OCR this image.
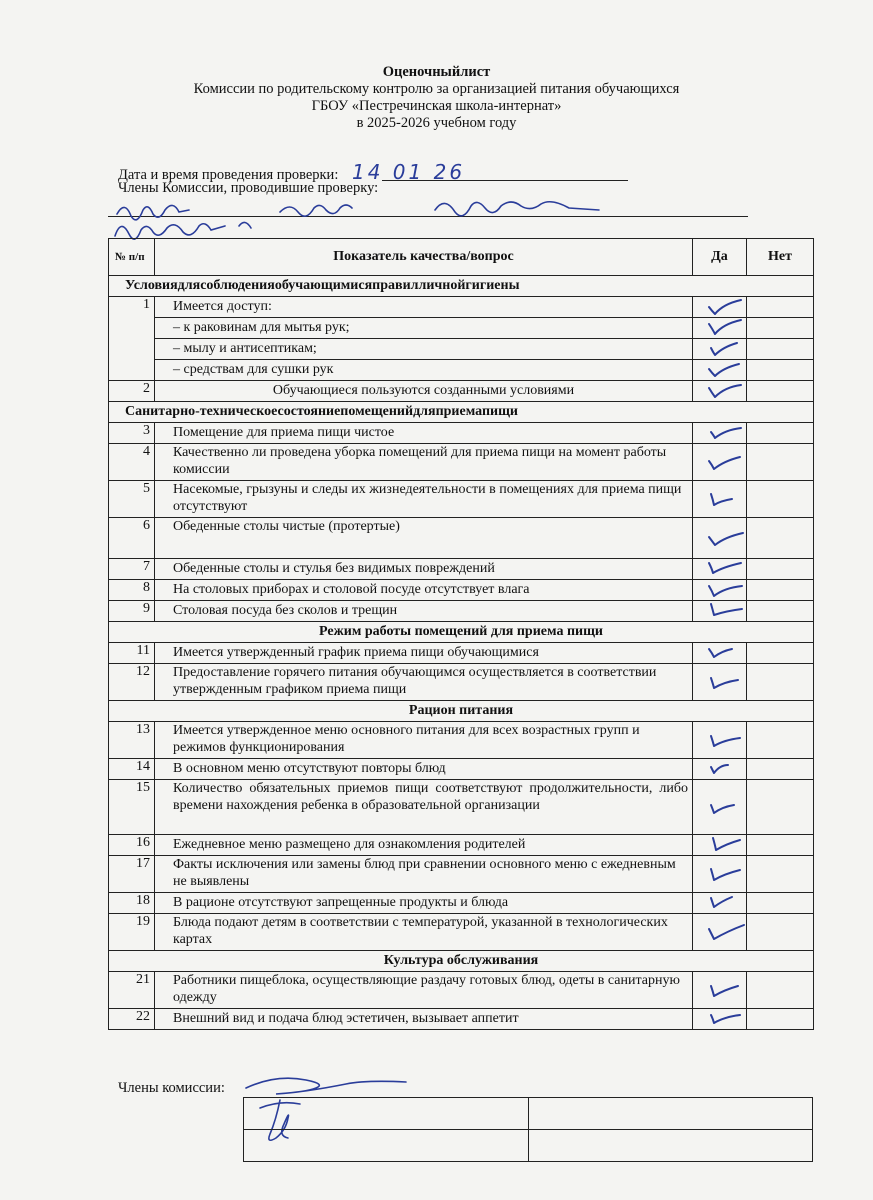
Оценочныйлист
Комиссии по родительскому контролю за организацией питания обучающихся
ГБОУ «Пестречинская школа-интернат»
в 2025-2026 учебном году
Дата и время проведения проверки: 14 01 26
Члены Комиссии, проводившие проверку:
№ п/п	Показатель качества/вопрос	Да	Нет
Условиядлясоблюденияобучающимисяправилличнойгигиены			
1	Имеется доступ:	

	– к раковинам для мытья рук;	

	– мылу и антисептикам;	

	– средствам для сушки рук	

2	Обучающиеся пользуются созданными условиями	

Санитарно-техническоесостояниепомещенийдляприемапищи			
3	Помещение для приема пищи чистое	

4	Качественно ли проведена уборка помещений для приема пищи на момент работы комиссии	

5	Насекомые, грызуны и следы их жизнедеятельности в помещениях для приема пищи отсутствуют	

6	Обеденные столы чистые (протертые)	

7	Обеденные столы и стулья без видимых повреждений	

8	На столовых приборах и столовой посуде отсутствует влага	

9	Столовая посуда без сколов и трещин	

Режим работы помещений для приема пищи			
11	Имеется утвержденный график приема пищи обучающимися	

12	Предоставление горячего питания обучающимся осуществляется в соответствии утвержденным графиком приема пищи	

Рацион питания			
13	Имеется утвержденное меню основного питания для всех возрастных групп и режимов функционирования	

14	В основном меню отсутствуют повторы блюд	

15	Количество обязательных приемов пищи соответствуют продолжительности, либо времени нахождения ребенка в образовательной организации	

16	Ежедневное меню размещено для ознакомления родителей	

17	Факты исключения или замены блюд при сравнении основного меню с ежедневным не выявлены	

18	В рационе отсутствуют запрещенные продукты и блюда	

19	Блюда подают детям в соответствии с температурой, указанной в технологических картах	

Культура обслуживания			
21	Работники пищеблока, осуществляющие раздачу готовых блюд, одеты в санитарную одежду	

22	Внешний вид и подача блюд эстетичен, вызывает аппетит	

Члены комиссии:
